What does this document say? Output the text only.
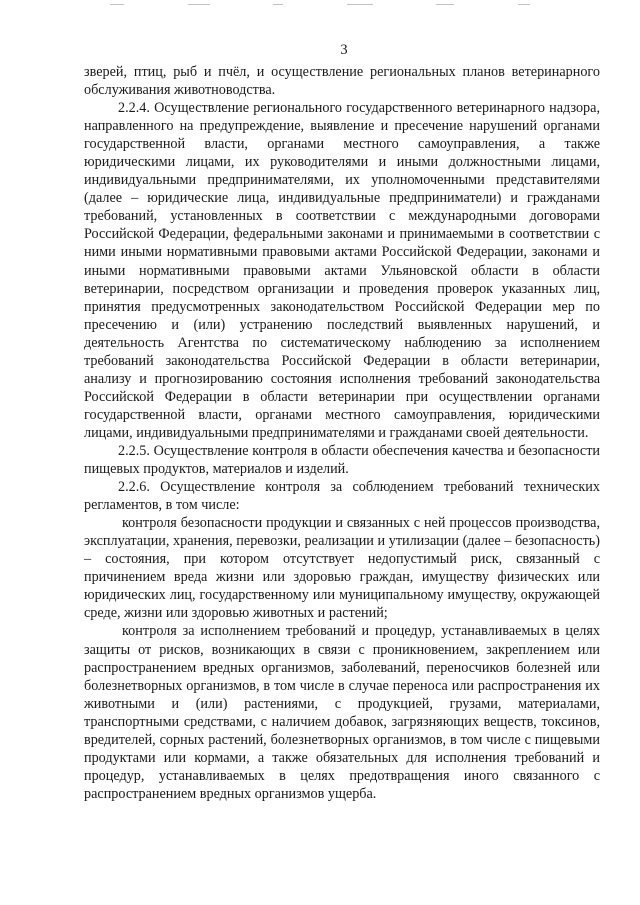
3

зверей, птиц, рыб и пчёл, и осуществление региональных планов ветеринарного обслуживания животноводства.

2.2.4. Осуществление регионального государственного ветеринарного надзора, направленного на предупреждение, выявление и пресечение нарушений органами государственной власти, органами местного самоуправления, а также юридическими лицами, их руководителями и иными должностными лицами, индивидуальными предпринимателями, их уполномоченными представителями (далее – юридические лица, индивидуальные предприниматели) и гражданами требований, установленных в соответствии с международными договорами Российской Федерации, федеральными законами и принимаемыми в соответствии с ними иными нормативными правовыми актами Российской Федерации, законами и иными нормативными правовыми актами Ульяновской области в области ветеринарии, посредством организации и проведения проверок указанных лиц, принятия предусмотренных законодательством Российской Федерации мер по пресечению и (или) устранению последствий выявленных нарушений, и деятельность Агентства по систематическому наблюдению за исполнением требований законодательства Российской Федерации в области ветеринарии, анализу и прогнозированию состояния исполнения требований законодательства Российской Федерации в области ветеринарии при осуществлении органами государственной власти, органами местного самоуправления, юридическими лицами, индивидуальными предпринимателями и гражданами своей деятельности.

2.2.5. Осуществление контроля в области обеспечения качества и безопасности пищевых продуктов, материалов и изделий.

2.2.6. Осуществление контроля за соблюдением требований технических регламентов, в том числе:

контроля безопасности продукции и связанных с ней процессов производства, эксплуатации, хранения, перевозки, реализации и утилизации (далее – безопасность) – состояния, при котором отсутствует недопустимый риск, связанный с причинением вреда жизни или здоровью граждан, имуществу физических или юридических лиц, государственному или муниципальному имуществу, окружающей среде, жизни или здоровью животных и растений;

контроля за исполнением требований и процедур, устанавливаемых в целях защиты от рисков, возникающих в связи с проникновением, закреплением или распространением вредных организмов, заболеваний, переносчиков болезней или болезнетворных организмов, в том числе в случае переноса или распространения их животными и (или) растениями, с продукцией, грузами, материалами, транспортными средствами, с наличием добавок, загрязняющих веществ, токсинов, вредителей, сорных растений, болезнетворных организмов, в том числе с пищевыми продуктами или кормами, а также обязательных для исполнения требований и процедур, устанавливаемых в целях предотвращения иного связанного с распространением вредных организмов ущерба.
